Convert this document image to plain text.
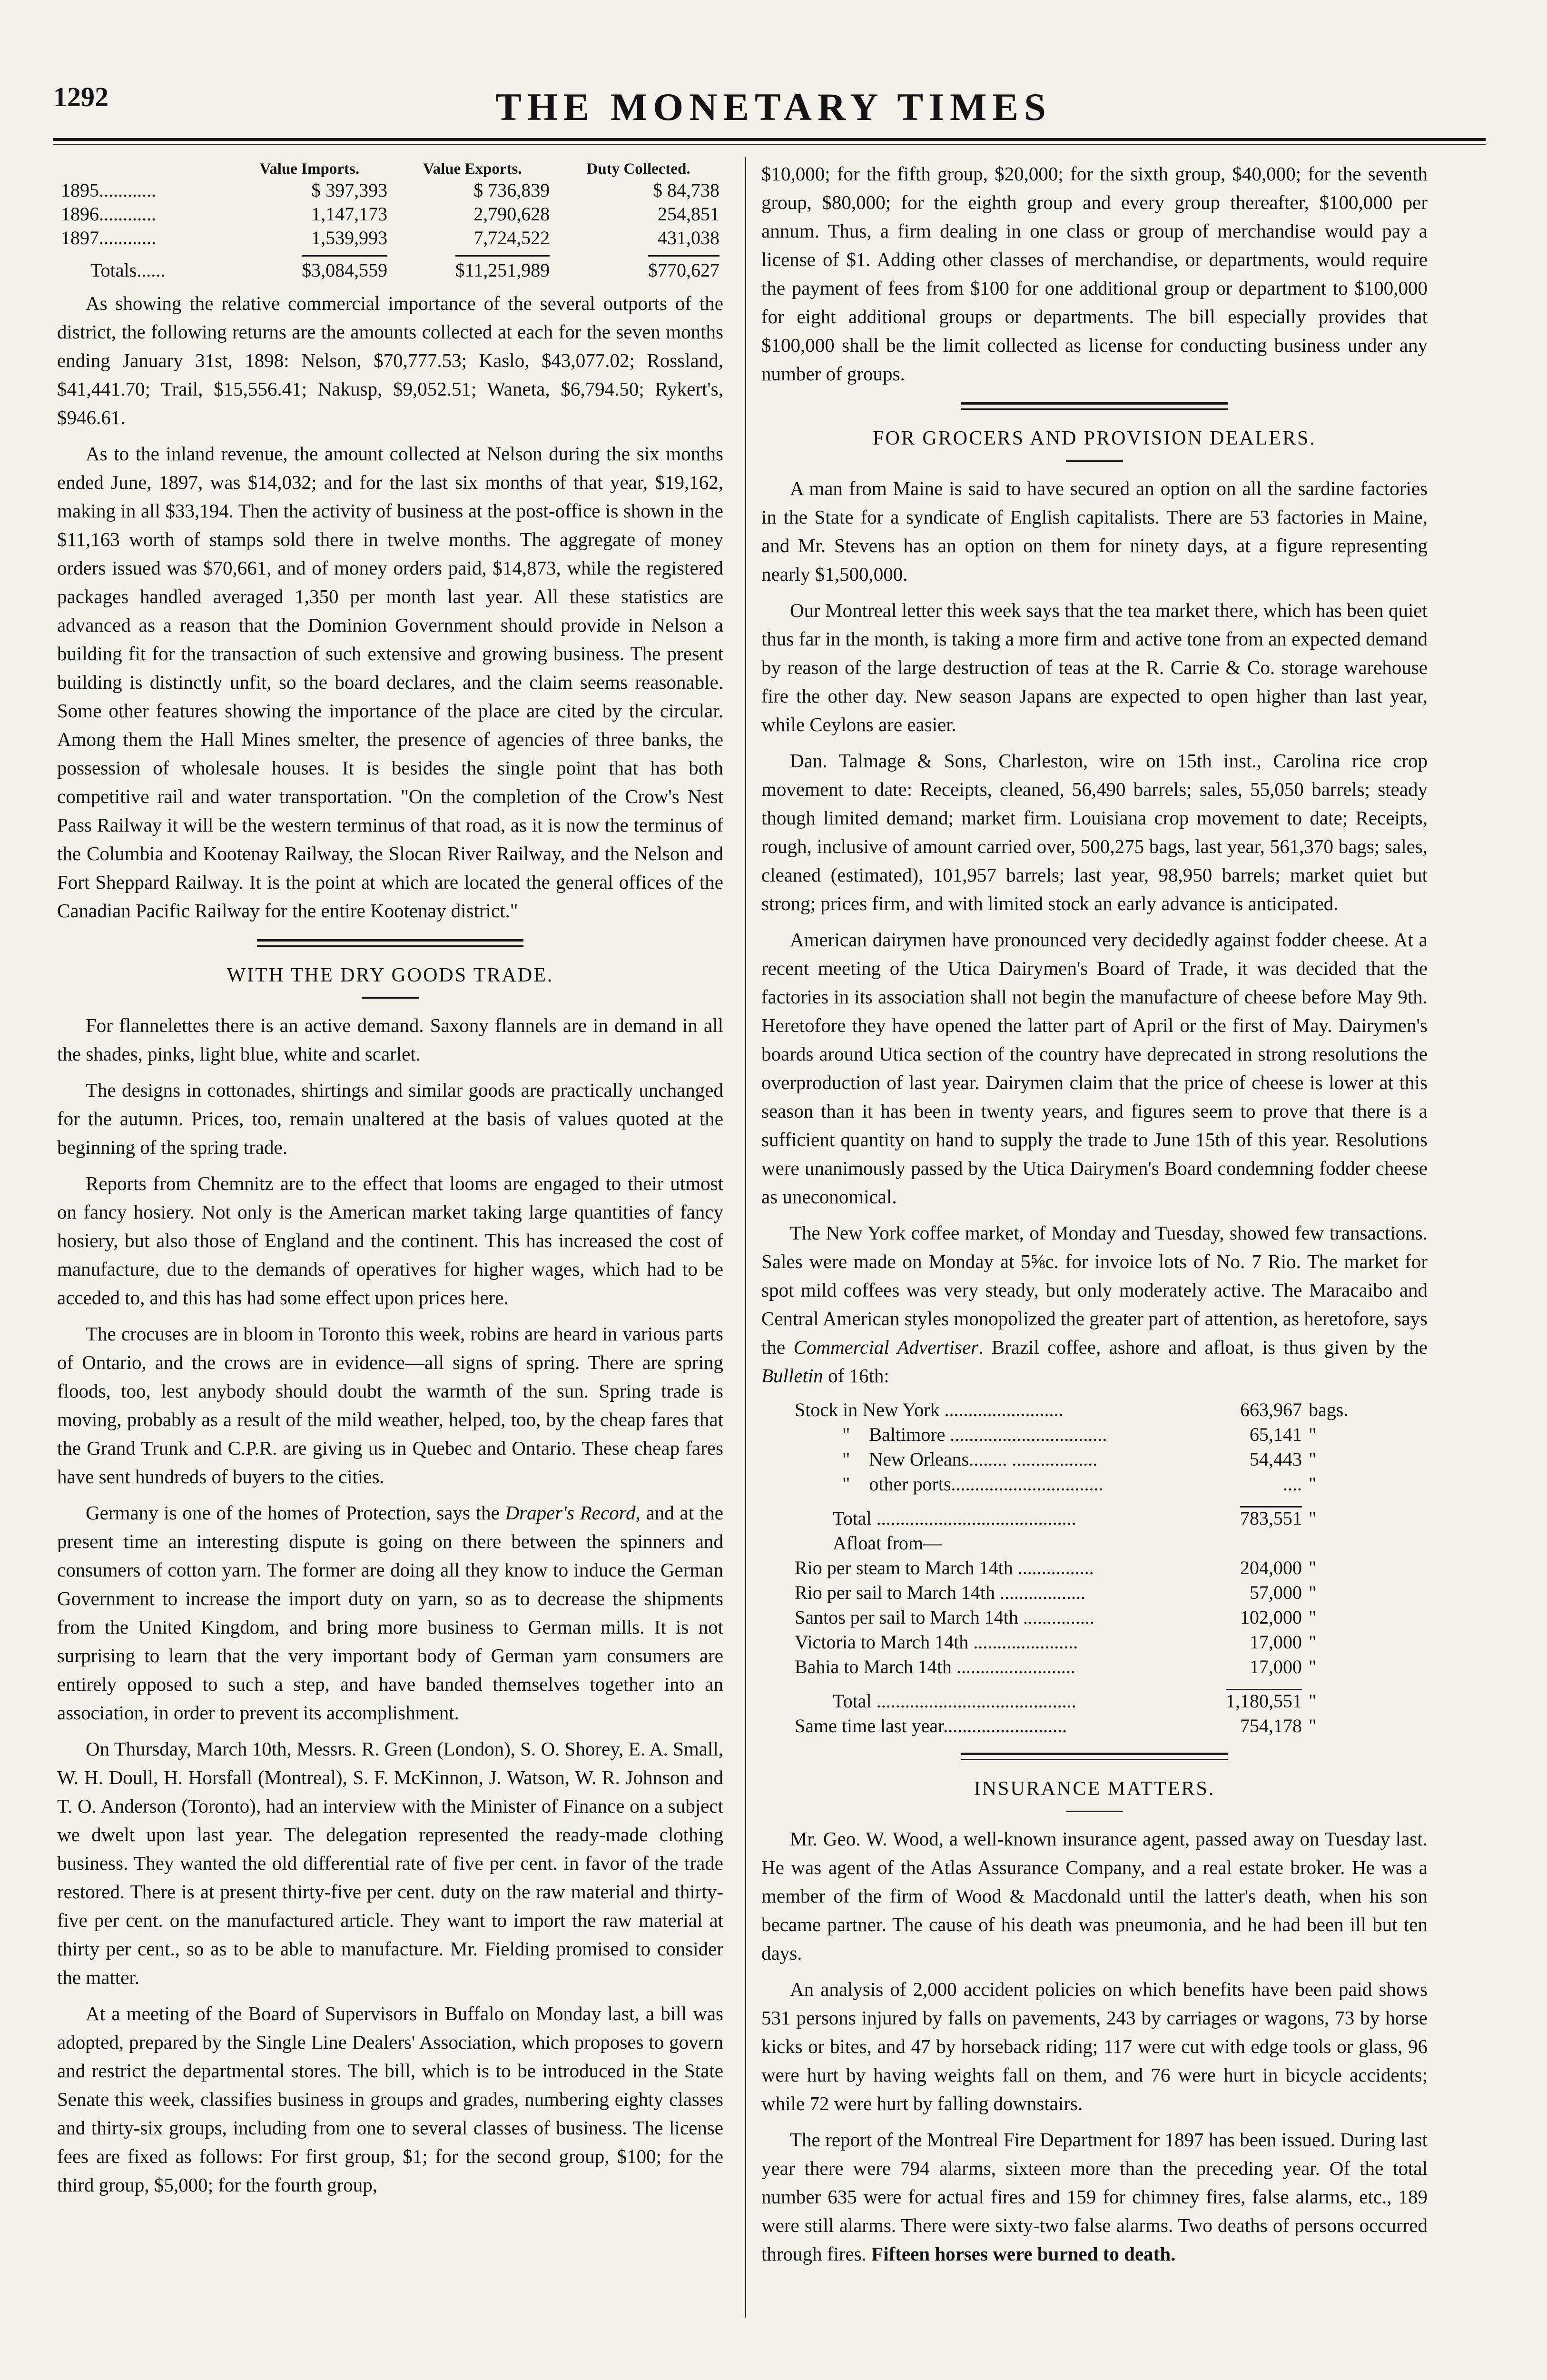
1292	THE MONETARY TIMES
	Value Imports.	Value Exports.	Duty Collected.
1895............	$ 397,393	$ 736,839	$ 84,738
1896............	1,147,173	2,790,628	254,851
1897............	1,539,993	7,724,522	431,038
Totals......	$3,084,559	$11,251,989	$770,627

As showing the relative commercial importance of the several outports of the district, the following returns are the amounts collected at each for the seven months ending January 31st, 1898: Nelson, $70,777.53; Kaslo, $43,077.02; Rossland, $41,441.70; Trail, $15,556.41; Nakusp, $9,052.51; Waneta, $6,794.50; Rykert's, $946.61.

As to the inland revenue, the amount collected at Nelson during the six months ended June, 1897, was $14,032; and for the last six months of that year, $19,162, making in all $33,194. Then the activity of business at the post-office is shown in the $11,163 worth of stamps sold there in twelve months. The aggregate of money orders issued was $70,661, and of money orders paid, $14,873, while the registered packages handled averaged 1,350 per month last year. All these statistics are advanced as a reason that the Dominion Government should provide in Nelson a building fit for the transaction of such extensive and growing business. The present building is distinctly unfit, so the board declares, and the claim seems reasonable. Some other features showing the importance of the place are cited by the circular. Among them the Hall Mines smelter, the presence of agencies of three banks, the possession of wholesale houses. It is besides the single point that has both competitive rail and water transportation. "On the completion of the Crow's Nest Pass Railway it will be the western terminus of that road, as it is now the terminus of the Columbia and Kootenay Railway, the Slocan River Railway, and the Nelson and Fort Sheppard Railway. It is the point at which are located the general offices of the Canadian Pacific Railway for the entire Kootenay district."

WITH THE DRY GOODS TRADE.

For flannelettes there is an active demand. Saxony flannels are in demand in all the shades, pinks, light blue, white and scarlet.

The designs in cottonades, shirtings and similar goods are practically unchanged for the autumn. Prices, too, remain unaltered at the basis of values quoted at the beginning of the spring trade.

Reports from Chemnitz are to the effect that looms are engaged to their utmost on fancy hosiery. Not only is the American market taking large quantities of fancy hosiery, but also those of England and the continent. This has increased the cost of manufacture, due to the demands of operatives for higher wages, which had to be acceded to, and this has had some effect upon prices here.

The crocuses are in bloom in Toronto this week, robins are heard in various parts of Ontario, and the crows are in evidence—all signs of spring. There are spring floods, too, lest anybody should doubt the warmth of the sun. Spring trade is moving, probably as a result of the mild weather, helped, too, by the cheap fares that the Grand Trunk and C.P.R. are giving us in Quebec and Ontario. These cheap fares have sent hundreds of buyers to the cities.

Germany is one of the homes of Protection, says the Draper's Record, and at the present time an interesting dispute is going on there between the spinners and consumers of cotton yarn. The former are doing all they know to induce the German Government to increase the import duty on yarn, so as to decrease the shipments from the United Kingdom, and bring more business to German mills. It is not surprising to learn that the very important body of German yarn consumers are entirely opposed to such a step, and have banded themselves together into an association, in order to prevent its accomplishment.

On Thursday, March 10th, Messrs. R. Green (London), S. O. Shorey, E. A. Small, W. H. Doull, H. Horsfall (Montreal), S. F. McKinnon, J. Watson, W. R. Johnson and T. O. Anderson (Toronto), had an interview with the Minister of Finance on a subject we dwelt upon last year. The delegation represented the ready-made clothing business. They wanted the old differential rate of five per cent. in favor of the trade restored. There is at present thirty-five per cent. duty on the raw material and thirty-five per cent. on the manufactured article. They want to import the raw material at thirty per cent., so as to be able to manufacture. Mr. Fielding promised to consider the matter.

At a meeting of the Board of Supervisors in Buffalo on Monday last, a bill was adopted, prepared by the Single Line Dealers' Association, which proposes to govern and restrict the departmental stores. The bill, which is to be introduced in the State Senate this week, classifies business in groups and grades, numbering eighty classes and thirty-six groups, including from one to several classes of business. The license fees are fixed as follows: For first group, $1; for the second group, $100; for the third group, $5,000; for the fourth group,

$10,000; for the fifth group, $20,000; for the sixth group, $40,000; for the seventh group, $80,000; for the eighth group and every group thereafter, $100,000 per annum. Thus, a firm dealing in one class or group of merchandise would pay a license of $1. Adding other classes of merchandise, or departments, would require the payment of fees from $100 for one additional group or department to $100,000 for eight additional groups or departments. The bill especially provides that $100,000 shall be the limit collected as license for conducting business under any number of groups.

FOR GROCERS AND PROVISION DEALERS.

A man from Maine is said to have secured an option on all the sardine factories in the State for a syndicate of English capitalists. There are 53 factories in Maine, and Mr. Stevens has an option on them for ninety days, at a figure representing nearly $1,500,000.

Our Montreal letter this week says that the tea market there, which has been quiet thus far in the month, is taking a more firm and active tone from an expected demand by reason of the large destruction of teas at the R. Carrie & Co. storage warehouse fire the other day. New season Japans are expected to open higher than last year, while Ceylons are easier.

Dan. Talmage & Sons, Charleston, wire on 15th inst., Carolina rice crop movement to date: Receipts, cleaned, 56,490 barrels; sales, 55,050 barrels; steady though limited demand; market firm. Louisiana crop movement to date; Receipts, rough, inclusive of amount carried over, 500,275 bags, last year, 561,370 bags; sales, cleaned (estimated), 101,957 barrels; last year, 98,950 barrels; market quiet but strong; prices firm, and with limited stock an early advance is anticipated.

American dairymen have pronounced very decidedly against fodder cheese. At a recent meeting of the Utica Dairymen's Board of Trade, it was decided that the factories in its association shall not begin the manufacture of cheese before May 9th. Heretofore they have opened the latter part of April or the first of May. Dairymen's boards around Utica section of the country have deprecated in strong resolutions the overproduction of last year. Dairymen claim that the price of cheese is lower at this season than it has been in twenty years, and figures seem to prove that there is a sufficient quantity on hand to supply the trade to June 15th of this year. Resolutions were unanimously passed by the Utica Dairymen's Board condemning fodder cheese as uneconomical.

The New York coffee market, of Monday and Tuesday, showed few transactions. Sales were made on Monday at 5⅝c. for invoice lots of No. 7 Rio. The market for spot mild coffees was very steady, but only moderately active. The Maracaibo and Central American styles monopolized the greater part of attention, as heretofore, says the Commercial Advertiser. Brazil coffee, ashore and afloat, is thus given by the Bulletin of 16th:

Stock in New York .........................	663,967	bags.
" Baltimore .................................	65,141	"
" New Orleans........ ..................	54,443	"
" other ports................................	....	"

Total ..........................................	783,551	"
Afloat from—		
Rio per steam to March 14th ................	204,000	"
Rio per sail to March 14th ..................	57,000	"
Santos per sail to March 14th ...............	102,000	"
Victoria to March 14th ......................	17,000	"
Bahia to March 14th .........................	17,000	"

Total ..........................................	1,180,551	"
Same time last year..........................	754,178	"
INSURANCE MATTERS.

Mr. Geo. W. Wood, a well-known insurance agent, passed away on Tuesday last. He was agent of the Atlas Assurance Company, and a real estate broker. He was a member of the firm of Wood & Macdonald until the latter's death, when his son became partner. The cause of his death was pneumonia, and he had been ill but ten days.

An analysis of 2,000 accident policies on which benefits have been paid shows 531 persons injured by falls on pavements, 243 by carriages or wagons, 73 by horse kicks or bites, and 47 by horseback riding; 117 were cut with edge tools or glass, 96 were hurt by having weights fall on them, and 76 were hurt in bicycle accidents; while 72 were hurt by falling downstairs.

The report of the Montreal Fire Department for 1897 has been issued. During last year there were 794 alarms, sixteen more than the preceding year. Of the total number 635 were for actual fires and 159 for chimney fires, false alarms, etc., 189 were still alarms. There were sixty-two false alarms. Two deaths of persons occurred through fires. Fifteen horses were burned to death.
